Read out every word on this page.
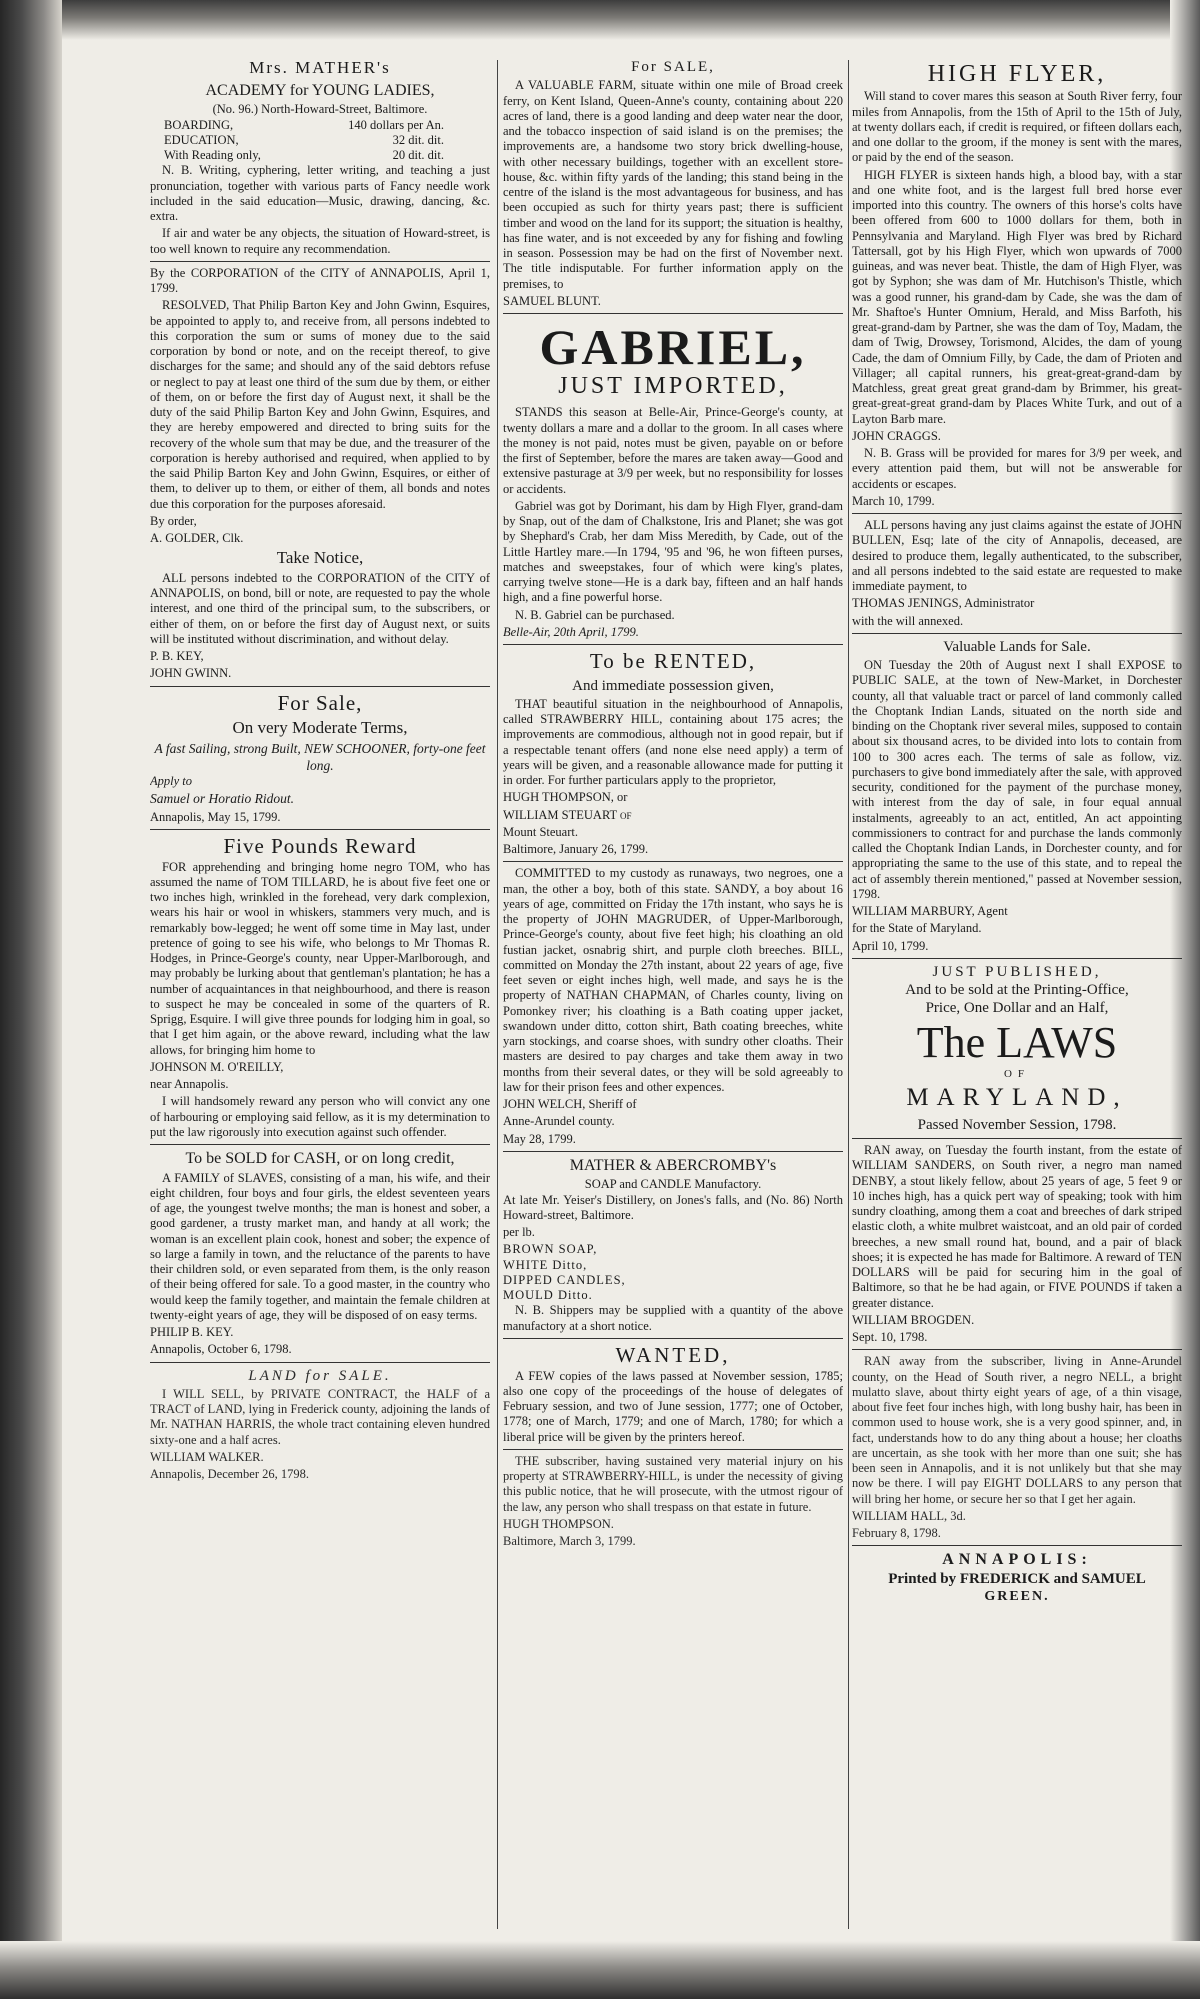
Mrs. MATHER's
ACADEMY for YOUNG LADIES,
(No. 96.) North-Howard-Street, Baltimore.
BOARDING,	140 dollars per An.
EDUCATION,	32 dit. dit.
With Reading only,	20 dit. dit.

N. B. Writing, cyphering, letter writing, and teaching a just pronunciation, together with various parts of Fancy needle work included in the said education—Music, drawing, dancing, &c. extra.

If air and water be any objects, the situation of Howard-street, is too well known to require any recommendation.

By the CORPORATION of the CITY of ANNAPOLIS, April 1, 1799.

RESOLVED, That Philip Barton Key and John Gwinn, Esquires, be appointed to apply to, and receive from, all persons indebted to this corporation the sum or sums of money due to the said corporation by bond or note, and on the receipt thereof, to give discharges for the same; and should any of the said debtors refuse or neglect to pay at least one third of the sum due by them, or either of them, on or before the first day of August next, it shall be the duty of the said Philip Barton Key and John Gwinn, Esquires, and they are hereby empowered and directed to bring suits for the recovery of the whole sum that may be due, and the treasurer of the corporation is hereby authorised and required, when applied to by the said Philip Barton Key and John Gwinn, Esquires, or either of them, to deliver up to them, or either of them, all bonds and notes due this corporation for the purposes aforesaid.

By order,

A. GOLDER, Clk.

Take Notice,

ALL persons indebted to the CORPORATION of the CITY of ANNAPOLIS, on bond, bill or note, are requested to pay the whole interest, and one third of the principal sum, to the subscribers, or either of them, on or before the first day of August next, or suits will be instituted without discrimination, and without delay.

P. B. KEY,

JOHN GWINN.

For Sale,
On very Moderate Terms,
A fast Sailing, strong Built, NEW SCHOONER, forty-one feet long.

Apply to

Samuel or Horatio Ridout.

Annapolis, May 15, 1799.

Five Pounds Reward

FOR apprehending and bringing home negro TOM, who has assumed the name of TOM TILLARD, he is about five feet one or two inches high, wrinkled in the forehead, very dark complexion, wears his hair or wool in whiskers, stammers very much, and is remarkably bow-legged; he went off some time in May last, under pretence of going to see his wife, who belongs to Mr Thomas R. Hodges, in Prince-George's county, near Upper-Marlborough, and may probably be lurking about that gentleman's plantation; he has a number of acquaintances in that neighbourhood, and there is reason to suspect he may be concealed in some of the quarters of R. Sprigg, Esquire. I will give three pounds for lodging him in goal, so that I get him again, or the above reward, including what the law allows, for bringing him home to

JOHNSON M. O'REILLY,

near Annapolis.

I will handsomely reward any person who will convict any one of harbouring or employing said fellow, as it is my determination to put the law rigorously into execution against such offender.

To be SOLD for CASH, or on long credit,

A FAMILY of SLAVES, consisting of a man, his wife, and their eight children, four boys and four girls, the eldest seventeen years of age, the youngest twelve months; the man is honest and sober, a good gardener, a trusty market man, and handy at all work; the woman is an excellent plain cook, honest and sober; the expence of so large a family in town, and the reluctance of the parents to have their children sold, or even separated from them, is the only reason of their being offered for sale. To a good master, in the country who would keep the family together, and maintain the female children at twenty-eight years of age, they will be disposed of on easy terms.

PHILIP B. KEY.

Annapolis, October 6, 1798.

LAND for SALE.

I WILL SELL, by PRIVATE CONTRACT, the HALF of a TRACT of LAND, lying in Frederick county, adjoining the lands of Mr. NATHAN HARRIS, the whole tract containing eleven hundred sixty-one and a half acres.

WILLIAM WALKER.

Annapolis, December 26, 1798.

For SALE,

A VALUABLE FARM, situate within one mile of Broad creek ferry, on Kent Island, Queen-Anne's county, containing about 220 acres of land, there is a good landing and deep water near the door, and the tobacco inspection of said island is on the premises; the improvements are, a handsome two story brick dwelling-house, with other necessary buildings, together with an excellent store-house, &c. within fifty yards of the landing; this stand being in the centre of the island is the most advantageous for business, and has been occupied as such for thirty years past; there is sufficient timber and wood on the land for its support; the situation is healthy, has fine water, and is not exceeded by any for fishing and fowling in season. Possession may be had on the first of November next. The title indisputable. For further information apply on the premises, to

SAMUEL BLUNT.

GABRIEL,
JUST IMPORTED,

STANDS this season at Belle-Air, Prince-George's county, at twenty dollars a mare and a dollar to the groom. In all cases where the money is not paid, notes must be given, payable on or before the first of September, before the mares are taken away—Good and extensive pasturage at 3/9 per week, but no responsibility for losses or accidents.

Gabriel was got by Dorimant, his dam by High Flyer, grand-dam by Snap, out of the dam of Chalkstone, Iris and Planet; she was got by Shephard's Crab, her dam Miss Meredith, by Cade, out of the Little Hartley mare.—In 1794, '95 and '96, he won fifteen purses, matches and sweepstakes, four of which were king's plates, carrying twelve stone—He is a dark bay, fifteen and an half hands high, and a fine powerful horse.

N. B. Gabriel can be purchased.

Belle-Air, 20th April, 1799.

To be RENTED,
And immediate possession given,

THAT beautiful situation in the neighbourhood of Annapolis, called STRAWBERRY HILL, containing about 175 acres; the improvements are commodious, although not in good repair, but if a respectable tenant offers (and none else need apply) a term of years will be given, and a reasonable allowance made for putting it in order. For further particulars apply to the proprietor,

HUGH THOMPSON, or

WILLIAM STEUART of

Mount Steuart.

Baltimore, January 26, 1799.

COMMITTED to my custody as runaways, two negroes, one a man, the other a boy, both of this state. SANDY, a boy about 16 years of age, committed on Friday the 17th instant, who says he is the property of JOHN MAGRUDER, of Upper-Marlborough, Prince-George's county, about five feet high; his cloathing an old fustian jacket, osnabrig shirt, and purple cloth breeches. BILL, committed on Monday the 27th instant, about 22 years of age, five feet seven or eight inches high, well made, and says he is the property of NATHAN CHAPMAN, of Charles county, living on Pomonkey river; his cloathing is a Bath coating upper jacket, swandown under ditto, cotton shirt, Bath coating breeches, white yarn stockings, and coarse shoes, with sundry other cloaths. Their masters are desired to pay charges and take them away in two months from their several dates, or they will be sold agreeably to law for their prison fees and other expences.

JOHN WELCH, Sheriff of

Anne-Arundel county.

May 28, 1799.

MATHER & ABERCROMBY's
SOAP and CANDLE Manufactory.

At late Mr. Yeiser's Distillery, on Jones's falls, and (No. 86) North Howard-street, Baltimore.

per lb.

BROWN SOAP,
WHITE Ditto,
DIPPED CANDLES,
MOULD Ditto.

N. B. Shippers may be supplied with a quantity of the above manufactory at a short notice.

WANTED,

A FEW copies of the laws passed at November session, 1785; also one copy of the proceedings of the house of delegates of February session, and two of June session, 1777; one of October, 1778; one of March, 1779; and one of March, 1780; for which a liberal price will be given by the printers hereof.

THE subscriber, having sustained very material injury on his property at STRAWBERRY-HILL, is under the necessity of giving this public notice, that he will prosecute, with the utmost rigour of the law, any person who shall trespass on that estate in future.

HUGH THOMPSON.

Baltimore, March 3, 1799.

HIGH FLYER,

Will stand to cover mares this season at South River ferry, four miles from Annapolis, from the 15th of April to the 15th of July, at twenty dollars each, if credit is required, or fifteen dollars each, and one dollar to the groom, if the money is sent with the mares, or paid by the end of the season.

HIGH FLYER is sixteen hands high, a blood bay, with a star and one white foot, and is the largest full bred horse ever imported into this country. The owners of this horse's colts have been offered from 600 to 1000 dollars for them, both in Pennsylvania and Maryland. High Flyer was bred by Richard Tattersall, got by his High Flyer, which won upwards of 7000 guineas, and was never beat. Thistle, the dam of High Flyer, was got by Syphon; she was dam of Mr. Hutchison's Thistle, which was a good runner, his grand-dam by Cade, she was the dam of Mr. Shaftoe's Hunter Omnium, Herald, and Miss Barfoth, his great-grand-dam by Partner, she was the dam of Toy, Madam, the dam of Twig, Drowsey, Torismond, Alcides, the dam of young Cade, the dam of Omnium Filly, by Cade, the dam of Prioten and Villager; all capital runners, his great-great-grand-dam by Matchless, great great great grand-dam by Brimmer, his great-great-great-great grand-dam by Places White Turk, and out of a Layton Barb mare.

JOHN CRAGGS.

N. B. Grass will be provided for mares for 3/9 per week, and every attention paid them, but will not be answerable for accidents or escapes.

March 10, 1799.

ALL persons having any just claims against the estate of JOHN BULLEN, Esq; late of the city of Annapolis, deceased, are desired to produce them, legally authenticated, to the subscriber, and all persons indebted to the said estate are requested to make immediate payment, to

THOMAS JENINGS, Administrator

with the will annexed.

Valuable Lands for Sale.

ON Tuesday the 20th of August next I shall EXPOSE to PUBLIC SALE, at the town of New-Market, in Dorchester county, all that valuable tract or parcel of land commonly called the Choptank Indian Lands, situated on the north side and binding on the Choptank river several miles, supposed to contain about six thousand acres, to be divided into lots to contain from 100 to 300 acres each. The terms of sale as follow, viz. purchasers to give bond immediately after the sale, with approved security, conditioned for the payment of the purchase money, with interest from the day of sale, in four equal annual instalments, agreeably to an act, entitled, An act appointing commissioners to contract for and purchase the lands commonly called the Choptank Indian Lands, in Dorchester county, and for appropriating the same to the use of this state, and to repeal the act of assembly therein mentioned," passed at November session, 1798.

WILLIAM MARBURY, Agent

for the State of Maryland.

April 10, 1799.

JUST PUBLISHED,
And to be sold at the Printing-Office,
Price, One Dollar and an Half,
The LAWS
OF
MARYLAND,
Passed November Session, 1798.

RAN away, on Tuesday the fourth instant, from the estate of WILLIAM SANDERS, on South river, a negro man named DENBY, a stout likely fellow, about 25 years of age, 5 feet 9 or 10 inches high, has a quick pert way of speaking; took with him sundry cloathing, among them a coat and breeches of dark striped elastic cloth, a white mulbret waistcoat, and an old pair of corded breeches, a new small round hat, bound, and a pair of black shoes; it is expected he has made for Baltimore. A reward of TEN DOLLARS will be paid for securing him in the goal of Baltimore, so that he be had again, or FIVE POUNDS if taken a greater distance.

WILLIAM BROGDEN.

Sept. 10, 1798.

RAN away from the subscriber, living in Anne-Arundel county, on the Head of South river, a negro NELL, a bright mulatto slave, about thirty eight years of age, of a thin visage, about five feet four inches high, with long bushy hair, has been in common used to house work, she is a very good spinner, and, in fact, understands how to do any thing about a house; her cloaths are uncertain, as she took with her more than one suit; she has been seen in Annapolis, and it is not unlikely but that she may now be there. I will pay EIGHT DOLLARS to any person that will bring her home, or secure her so that I get her again.

WILLIAM HALL, 3d.

February 8, 1798.

ANNAPOLIS:
Printed by FREDERICK and SAMUEL
GREEN.
